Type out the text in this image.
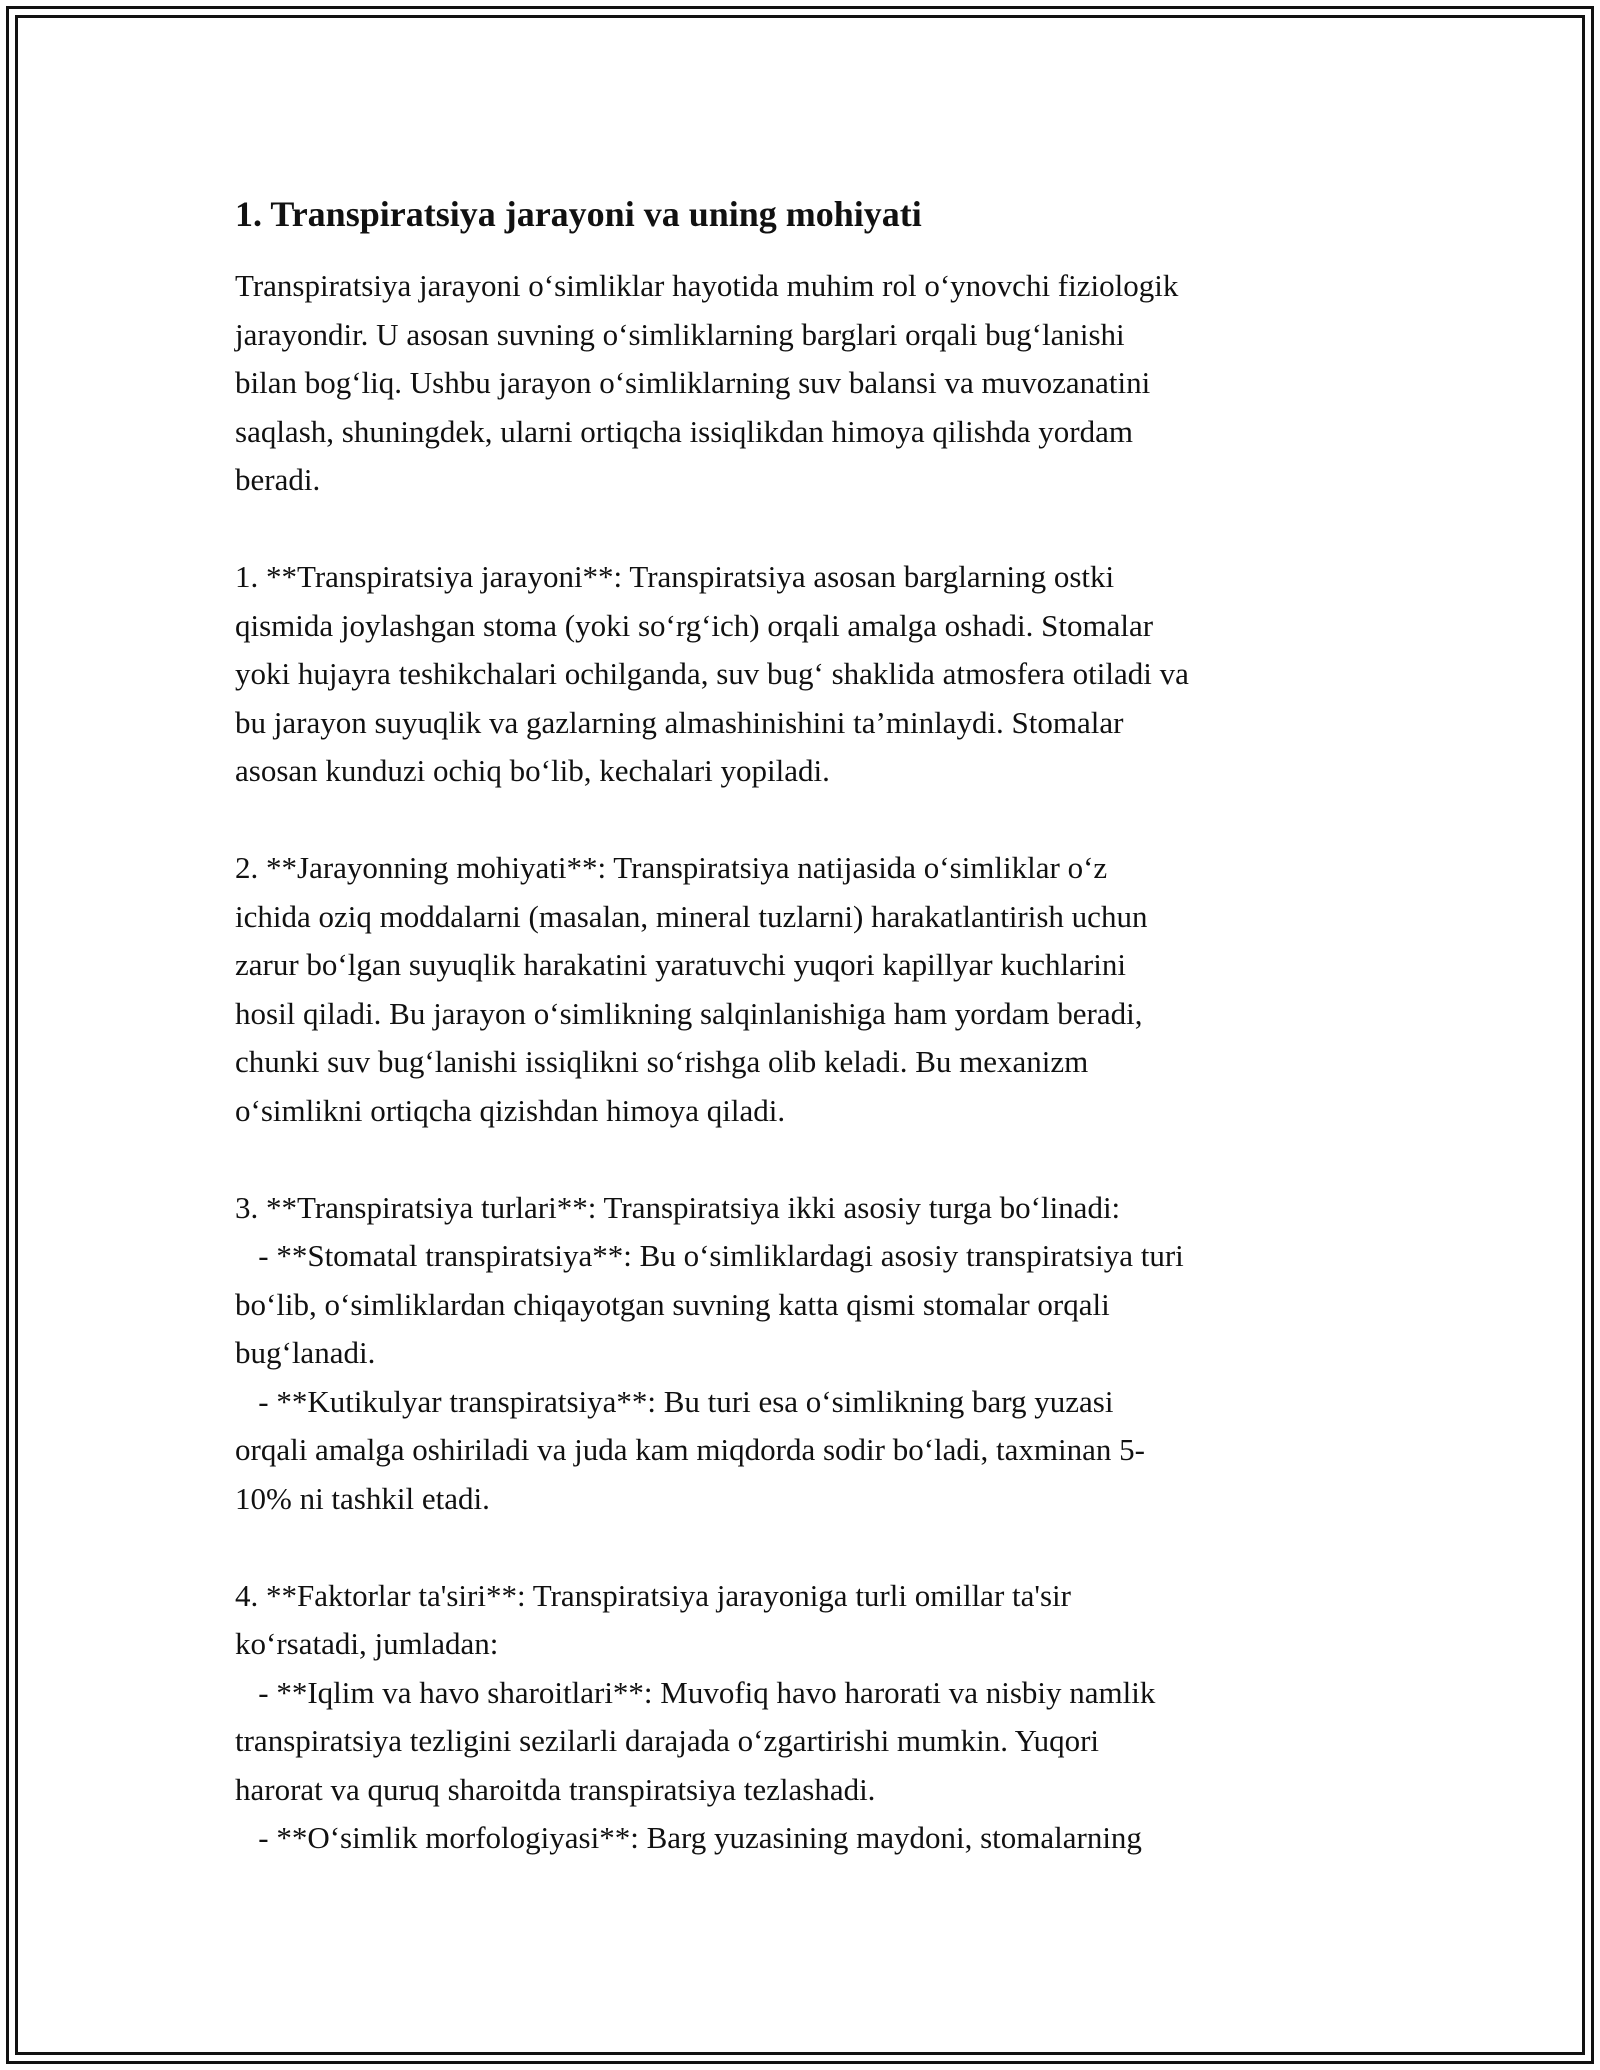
1. Transpiratsiya jarayoni va uning mohiyati
Transpiratsiya jarayoni o‘simliklar hayotida muhim rol o‘ynovchi fiziologik
jarayondir. U asosan suvning o‘simliklarning barglari orqali bug‘lanishi
bilan bog‘liq. Ushbu jarayon o‘simliklarning suv balansi va muvozanatini
saqlash, shuningdek, ularni ortiqcha issiqlikdan himoya qilishda yordam
beradi.
1. **Transpiratsiya jarayoni**: Transpiratsiya asosan barglarning ostki
qismida joylashgan stoma (yoki so‘rg‘ich) orqali amalga oshadi. Stomalar
yoki hujayra teshikchalari ochilganda, suv bug‘ shaklida atmosfera otiladi va
bu jarayon suyuqlik va gazlarning almashinishini ta’minlaydi. Stomalar
asosan kunduzi ochiq bo‘lib, kechalari yopiladi.
2. **Jarayonning mohiyati**: Transpiratsiya natijasida o‘simliklar o‘z
ichida oziq moddalarni (masalan, mineral tuzlarni) harakatlantirish uchun
zarur bo‘lgan suyuqlik harakatini yaratuvchi yuqori kapillyar kuchlarini
hosil qiladi. Bu jarayon o‘simlikning salqinlanishiga ham yordam beradi,
chunki suv bug‘lanishi issiqlikni so‘rishga olib keladi. Bu mexanizm
o‘simlikni ortiqcha qizishdan himoya qiladi.
3. **Transpiratsiya turlari**: Transpiratsiya ikki asosiy turga bo‘linadi:
- **Stomatal transpiratsiya**: Bu o‘simliklardagi asosiy transpiratsiya turi
bo‘lib, o‘simliklardan chiqayotgan suvning katta qismi stomalar orqali
bug‘lanadi.
- **Kutikulyar transpiratsiya**: Bu turi esa o‘simlikning barg yuzasi
orqali amalga oshiriladi va juda kam miqdorda sodir bo‘ladi, taxminan 5-
10% ni tashkil etadi.
4. **Faktorlar ta'siri**: Transpiratsiya jarayoniga turli omillar ta'sir
ko‘rsatadi, jumladan:
- **Iqlim va havo sharoitlari**: Muvofiq havo harorati va nisbiy namlik
transpiratsiya tezligini sezilarli darajada o‘zgartirishi mumkin. Yuqori
harorat va quruq sharoitda transpiratsiya tezlashadi.
- **O‘simlik morfologiyasi**: Barg yuzasining maydoni, stomalarning
